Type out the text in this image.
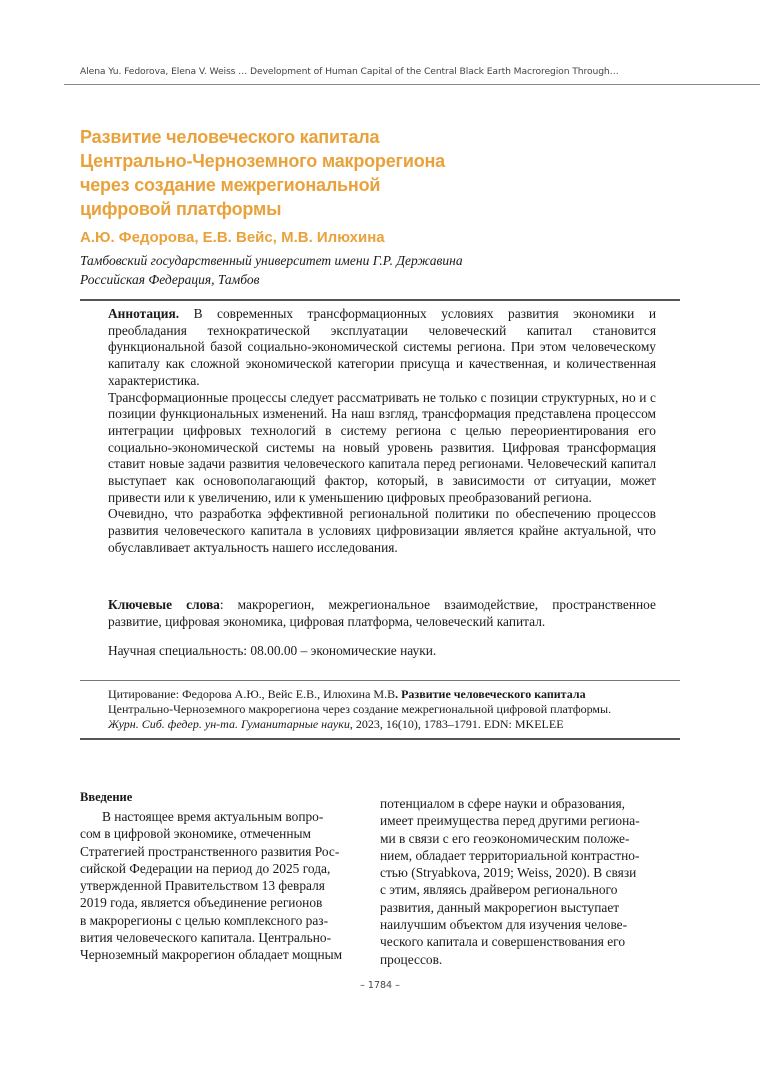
Alena Yu. Fedorova, Elena V. Weiss … Development of Human Capital of the Central Black Earth Macroregion Through…
Развитие человеческого капитала
Центрально-Черноземного макрорегиона
через создание межрегиональной
цифровой платформы
А.Ю. Федорова, Е.В. Вейс, М.В. Илюхина
Тамбовский государственный университет имени Г.Р. Державина
Российская Федерация, Тамбов

Аннотация. В современных трансформационных условиях развития экономики и преобладания технократической эксплуатации человеческий капитал становится функциональной базой социально-экономической системы региона. При этом человеческому капиталу как сложной экономической категории присуща и качественная, и количественная характеристика.

Трансформационные процессы следует рассматривать не только с позиции структурных, но и с позиции функциональных изменений. На наш взгляд, трансформация представлена процессом интеграции цифровых технологий в систему региона с целью переориентирования его социально-экономической системы на новый уровень развития. Цифровая трансформация ставит новые задачи развития человеческого капитала перед регионами. Человеческий капитал выступает как основополагающий фактор, который, в зависимости от ситуации, может привести или к увеличению, или к уменьшению цифровых преобразований региона.

Очевидно, что разработка эффективной региональной политики по обеспечению процессов развития человеческого капитала в условиях цифровизации является крайне актуальной, что обуславливает актуальность нашего исследования.

Ключевые слова: макрорегион, межрегиональное взаимодействие, пространственное развитие, цифровая экономика, цифровая платформа, человеческий капитал.
Научная специальность: 08.00.00 – экономические науки.
Цитирование: Федорова А.Ю., Вейс Е.В., Илюхина М.В. Развитие человеческого капитала
Центрально-Черноземного макрорегиона через создание межрегиональной цифровой платформы.
Журн. Сиб. федер. ун-та. Гуманитарные науки, 2023, 16(10), 1783–1791. EDN: MKELEE
Введение
В настоящее время актуальным вопро-
сом в цифровой экономике, отмеченным
Стратегией пространственного развития Рос-
сийской Федерации на период до 2025 года,
утвержденной Правительством 13 февраля
2019 года, является объединение регионов
в макрорегионы с целью комплексного раз-
вития человеческого капитала. Центрально-
Черноземный макрорегион обладает мощным
потенциалом в сфере науки и образования,
имеет преимущества перед другими региона-
ми в связи с его геоэкономическим положе-
нием, обладает территориальной контрастно-
стью (Stryabkova, 2019; Weiss, 2020). В связи
с этим, являясь драйвером регионального
развития, данный макрорегион выступает
наилучшим объектом для изучения челове-
ческого капитала и совершенствования его
процессов.
– 1784 –
